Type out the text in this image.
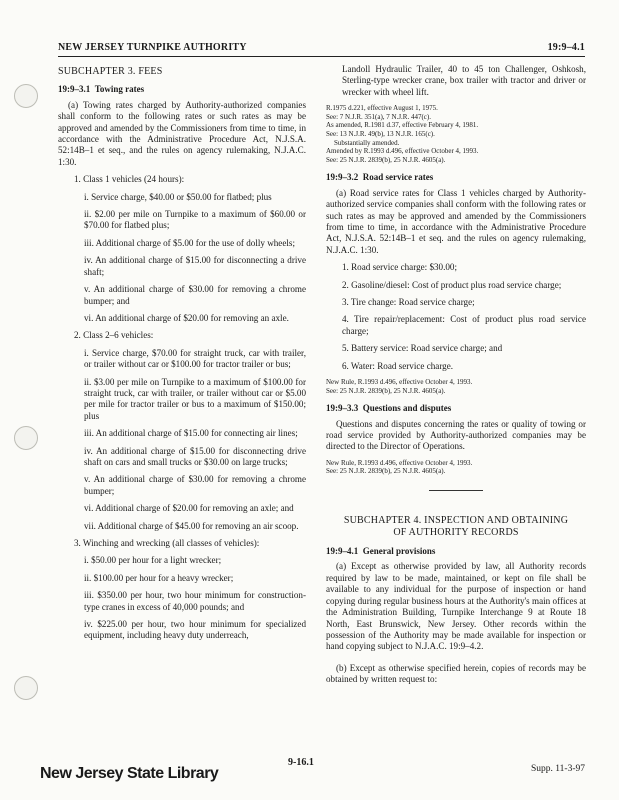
NEW JERSEY TURNPIKE AUTHORITY	19:9–4.1
SUBCHAPTER 3. FEES
19:9–3.1 Towing rates

(a) Towing rates charged by Authority-authorized companies shall conform to the following rates or such rates as may be approved and amended by the Commissioners from time to time, in accordance with the Administrative Procedure Act, N.J.S.A. 52:14B–1 et seq., and the rules on agency rulemaking, N.J.A.C. 1:30.

1. Class 1 vehicles (24 hours):

i. Service charge, $40.00 or $50.00 for flatbed; plus

ii. $2.00 per mile on Turnpike to a maximum of $60.00 or $70.00 for flatbed plus;

iii. Additional charge of $5.00 for the use of dolly wheels;

iv. An additional charge of $15.00 for disconnecting a drive shaft;

v. An additional charge of $30.00 for removing a chrome bumper; and

vi. An additional charge of $20.00 for removing an axle.

2. Class 2–6 vehicles:

i. Service charge, $70.00 for straight truck, car with trailer, or trailer without car or $100.00 for tractor trailer or bus;

ii. $3.00 per mile on Turnpike to a maximum of $100.00 for straight truck, car with trailer, or trailer without car or $5.00 per mile for tractor trailer or bus to a maximum of $150.00; plus

iii. An additional charge of $15.00 for connecting air lines;

iv. An additional charge of $15.00 for disconnecting drive shaft on cars and small trucks or $30.00 on large trucks;

v. An additional charge of $30.00 for removing a chrome bumper;

vi. Additional charge of $20.00 for removing an axle; and

vii. Additional charge of $45.00 for removing an air scoop.

3. Winching and wrecking (all classes of vehicles):

i. $50.00 per hour for a light wrecker;

ii. $100.00 per hour for a heavy wrecker;

iii. $350.00 per hour, two hour minimum for construction-type cranes in excess of 40,000 pounds; and

iv. $225.00 per hour, two hour minimum for specialized equipment, including heavy duty underreach,

Landoll Hydraulic Trailer, 40 to 45 ton Challenger, Oshkosh, Sterling-type wrecker crane, box trailer with tractor and driver or wrecker with wheel lift.

R.1975 d.221, effective August 1, 1975.
See: 7 N.J.R. 351(a), 7 N.J.R. 447(c).
As amended, R.1981 d.37, effective February 4, 1981.
See: 13 N.J.R. 49(b), 13 N.J.R. 165(c).
Substantially amended.
Amended by R.1993 d.496, effective October 4, 1993.
See: 25 N.J.R. 2839(b), 25 N.J.R. 4605(a).
19:9–3.2 Road service rates

(a) Road service rates for Class 1 vehicles charged by Authority-authorized service companies shall conform with the following rates or such rates as may be approved and amended by the Commissioners from time to time, in accordance with the Administrative Procedure Act, N.J.S.A. 52:14B–1 et seq. and the rules on agency rulemaking, N.J.A.C. 1:30.

1. Road service charge: $30.00;

2. Gasoline/diesel: Cost of product plus road service charge;

3. Tire change: Road service charge;

4. Tire repair/replacement: Cost of product plus road service charge;

5. Battery service: Road service charge; and

6. Water: Road service charge.

New Rule, R.1993 d.496, effective October 4, 1993.
See: 25 N.J.R. 2839(b), 25 N.J.R. 4605(a).
19:9–3.3 Questions and disputes

Questions and disputes concerning the rates or quality of towing or road service provided by Authority-authorized companies may be directed to the Director of Operations.

New Rule, R.1993 d.496, effective October 4, 1993.
See: 25 N.J.R. 2839(b), 25 N.J.R. 4605(a).
SUBCHAPTER 4. INSPECTION AND OBTAINING
OF AUTHORITY RECORDS
19:9–4.1 General provisions

(a) Except as otherwise provided by law, all Authority records required by law to be made, maintained, or kept on file shall be available to any individual for the purpose of inspection or hand copying during regular business hours at the Authority's main offices at the Administration Building, Turnpike Interchange 9 at Route 18 North, East Brunswick, New Jersey. Other records within the possession of the Authority may be made available for inspection or hand copying subject to N.J.A.C. 19:9–4.2.

(b) Except as otherwise specified herein, copies of records may be obtained by written request to:

New Jersey State Library
9-16.1
Supp. 11-3-97
